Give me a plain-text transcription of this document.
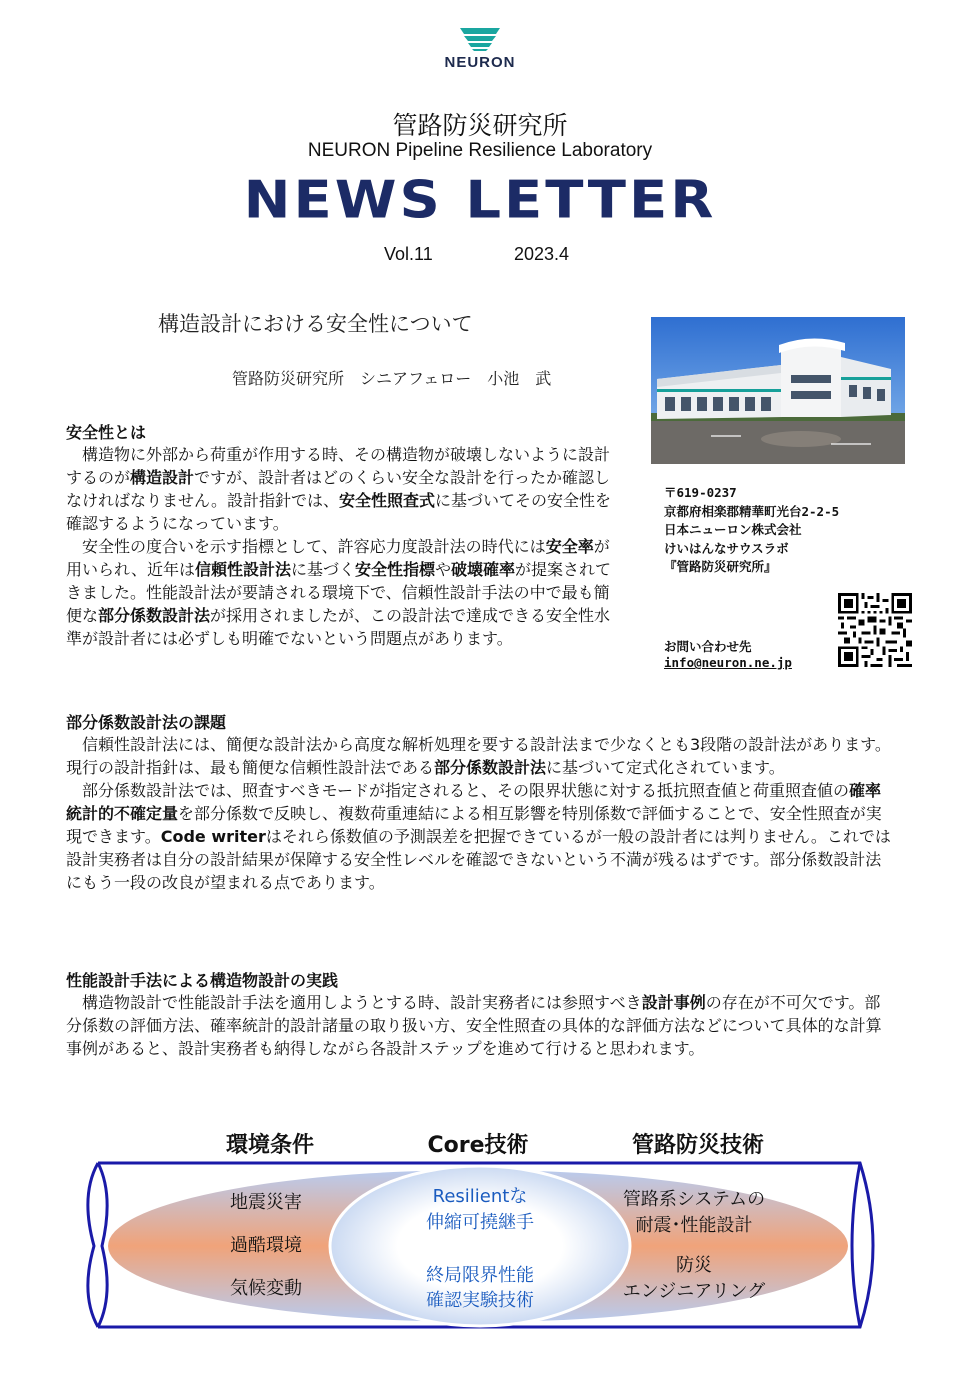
NEURON
管路防災研究所
NEURON Pipeline Resilience Laboratory
NEWS LETTER
Vol.11	2023.4
構造設計における安全性について
管路防災研究所　シニアフェロー　小池　武
〒619-0237
京都府相楽郡精華町光台2-2-5
日本ニューロン株式会社
けいはんなサウスラボ
『管路防災研究所』
お問い合わせ先
info@neuron.ne.jp
安全性とは

　構造物に外部から荷重が作用する時、その構造物が破壊しないように設計するのが構造設計ですが、設計者はどのくらい安全な設計を行ったか確認しなければなりません。設計指針では、安全性照査式に基づいてその安全性を確認するようになっています。

　安全性の度合いを示す指標として、許容応力度設計法の時代には安全率が用いられ、近年は信頼性設計法に基づく安全性指標や破壊確率が提案されてきました。性能設計法が要請される環境下で、信頼性設計手法の中で最も簡便な部分係数設計法が採用されましたが、この設計法で達成できる安全性水準が設計者には必ずしも明確でないという問題点があります。

部分係数設計法の課題

　信頼性設計法には、簡便な設計法から高度な解析処理を要する設計法まで少なくとも3段階の設計法があります。現行の設計指針は、最も簡便な信頼性設計法である部分係数設計法に基づいて定式化されています。

　部分係数設計法では、照査すべきモードが指定されると、その限界状態に対する抵抗照査値と荷重照査値の確率統計的不確定量を部分係数で反映し、複数荷重連結による相互影響を特別係数で評価することで、安全性照査が実現できます。Code writerはそれら係数値の予測誤差を把握できているが一般の設計者には判りません。これでは設計実務者は自分の設計結果が保障する安全性レベルを確認できないという不満が残るはずです。部分係数設計法にもう一段の改良が望まれる点であります。

性能設計手法による構造物設計の実践

　構造物設計で性能設計手法を適用しようとする時、設計実務者には参照すべき設計事例の存在が不可欠です。部分係数の評価方法、確率統計的設計諸量の取り扱い方、安全性照査の具体的な評価方法などについて具体的な計算事例があると、設計実務者も納得しながら各設計ステップを進めて行けると思われます。

環境条件	Core技術	管路防災技術
地震災害
過酷環境
気候変動
Resilientな
伸縮可撓継手
終局限界性能
確認実験技術
管路系システムの
耐震･性能設計
防災
エンジニアリング
